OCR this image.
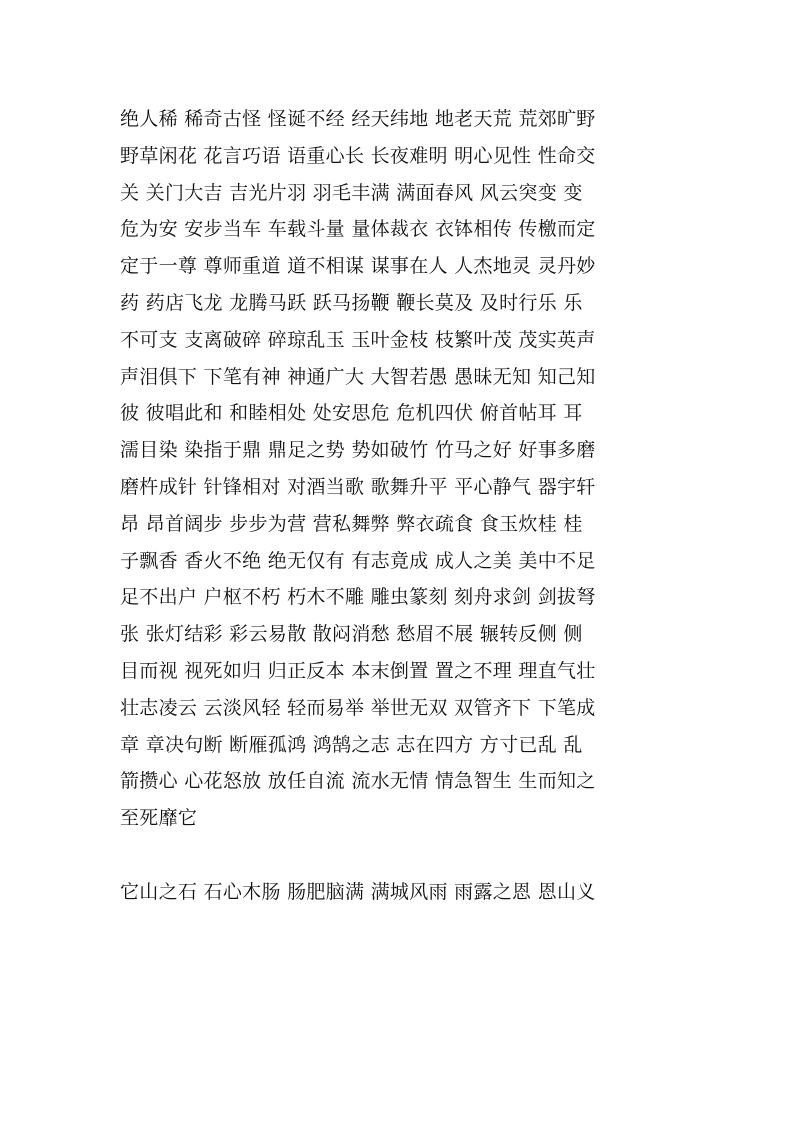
绝人稀 稀奇古怪 怪诞不经 经天纬地 地老天荒 荒郊旷野
野草闲花 花言巧语 语重心长 长夜难明 明心见性 性命交
关 关门大吉 吉光片羽 羽毛丰满 满面春风 风云突变 变
危为安 安步当车 车载斗量 量体裁衣 衣钵相传 传檄而定
定于一尊 尊师重道 道不相谋 谋事在人 人杰地灵 灵丹妙
药 药店飞龙 龙腾马跃 跃马扬鞭 鞭长莫及 及时行乐 乐
不可支 支离破碎 碎琼乱玉 玉叶金枝 枝繁叶茂 茂实英声
声泪俱下 下笔有神 神通广大 大智若愚 愚昧无知 知己知
彼 彼唱此和 和睦相处 处安思危 危机四伏 俯首帖耳 耳
濡目染 染指于鼎 鼎足之势 势如破竹 竹马之好 好事多磨
磨杵成针 针锋相对 对酒当歌 歌舞升平 平心静气 器宇轩
昂 昂首阔步 步步为营 营私舞弊 弊衣疏食 食玉炊桂 桂
子飘香 香火不绝 绝无仅有 有志竟成 成人之美 美中不足
足不出户 户枢不朽 朽木不雕 雕虫篆刻 刻舟求剑 剑拔弩
张 张灯结彩 彩云易散 散闷消愁 愁眉不展 辗转反侧 侧
目而视 视死如归 归正反本 本末倒置 置之不理 理直气壮
壮志凌云 云淡风轻 轻而易举 举世无双 双管齐下 下笔成
章 章决句断 断雁孤鸿 鸿鹄之志 志在四方 方寸已乱 乱
箭攒心 心花怒放 放任自流 流水无情 情急智生 生而知之
至死靡它
它山之石 石心木肠 肠肥脑满 满城风雨 雨露之恩 恩山义
